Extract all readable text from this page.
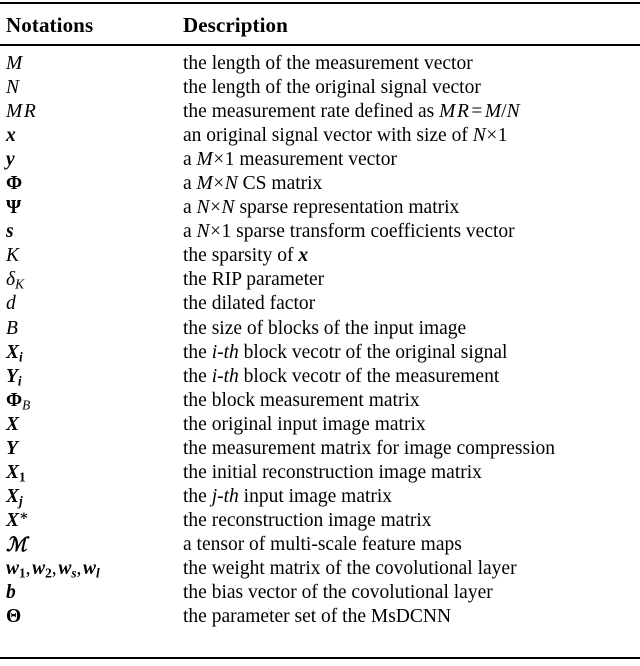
Notations	Description
M	the length of the measurement vector
N	the length of the original signal vector
M R	the measurement rate defined as M R = M/N
x	an original signal vector with size of N×1
y	a M×1 measurement vector
Φ	a M×N CS matrix
Ψ	a N×N sparse representation matrix
s	a N×1 sparse transform coefficients vector
K	the sparsity of x
$\delta_K$	the RIP parameter
d	the dilated factor
B	the size of blocks of the input image
$X_i$	the i-th block vecotr of the original signal
$Y_i$	the i-th block vecotr of the measurement
$\Phi_B$	the block measurement matrix
X	the original input image matrix
Y	the measurement matrix for image compression
$X_1$	the initial reconstruction image matrix
$X_j$	the j-th input image matrix
X∗	the reconstruction image matrix
ℳ	a tensor of multi-scale feature maps
$w_1$, $w_2$, $w_s$, $w_l$	the weight matrix of the covolutional layer
b	the bias vector of the covolutional layer
Θ	the parameter set of the MsDCNN
